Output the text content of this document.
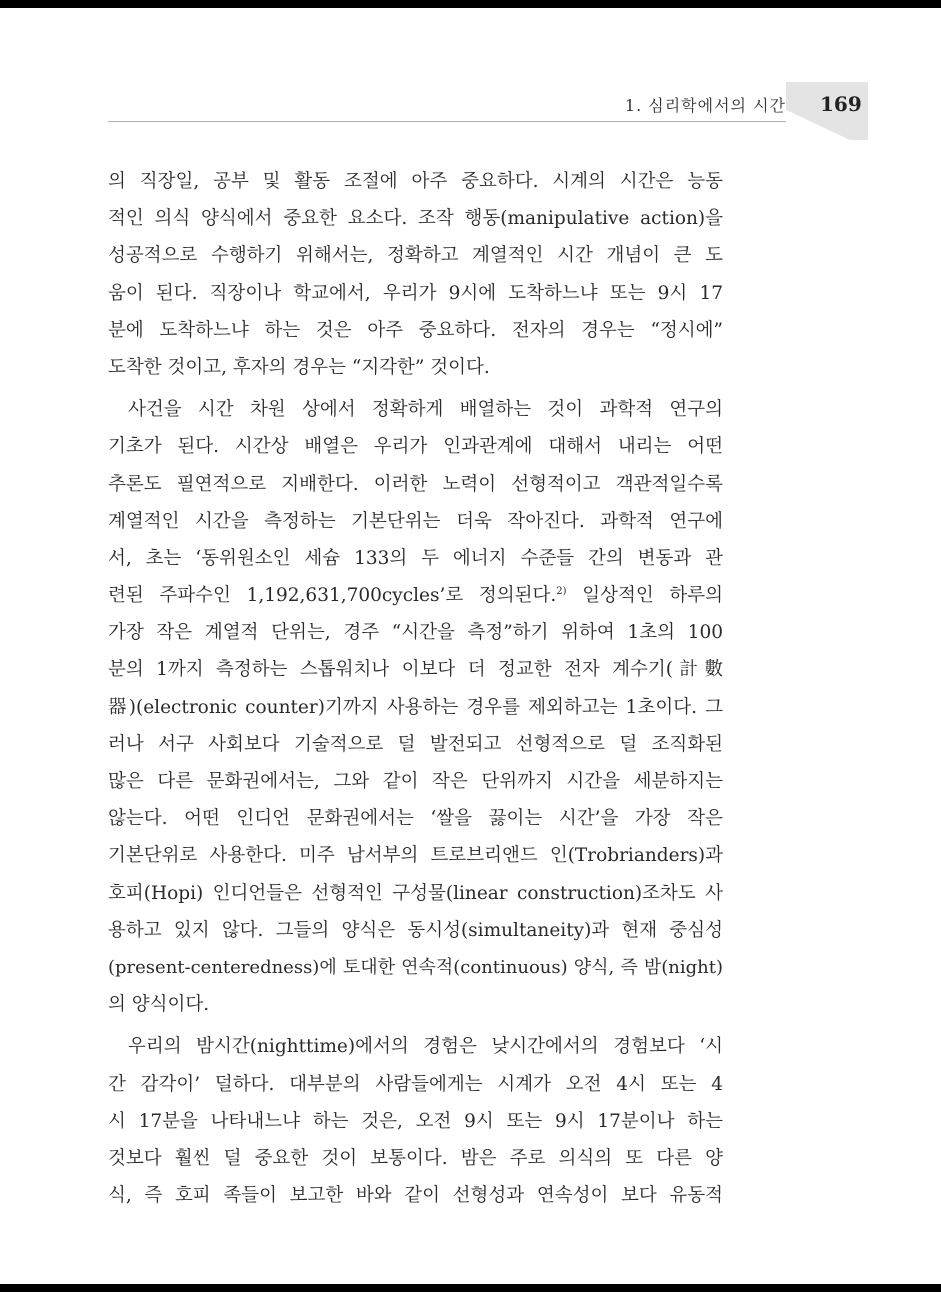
1. 심리학에서의 시간 169
의 직장일, 공부 및 활동 조절에 아주 중요하다. 시계의 시간은 능동
적인 의식 양식에서 중요한 요소다. 조작 행동(manipulative action)을
성공적으로 수행하기 위해서는, 정확하고 계열적인 시간 개념이 큰 도
움이 된다. 직장이나 학교에서, 우리가 9시에 도착하느냐 또는 9시 17
분에 도착하느냐 하는 것은 아주 중요하다. 전자의 경우는 “정시에”
도착한 것이고, 후자의 경우는 “지각한” 것이다.
사건을 시간 차원 상에서 정확하게 배열하는 것이 과학적 연구의
기초가 된다. 시간상 배열은 우리가 인과관계에 대해서 내리는 어떤
추론도 필연적으로 지배한다. 이러한 노력이 선형적이고 객관적일수록
계열적인 시간을 측정하는 기본단위는 더욱 작아진다. 과학적 연구에
서, 초는 ‘동위원소인 세슘 133의 두 에너지 수준들 간의 변동과 관
련된 주파수인 1,192,631,700cycles’로 정의된다.$^{2)}$ 일상적인 하루의
가장 작은 계열적 단위는, 경주 “시간을 측정”하기 위하여 1초의 100
분의 1까지 측정하는 스톱워치나 이보다 더 정교한 전자 계수기(計數
器)(electronic counter)기까지 사용하는 경우를 제외하고는 1초이다. 그
러나 서구 사회보다 기술적으로 덜 발전되고 선형적으로 덜 조직화된
많은 다른 문화권에서는, 그와 같이 작은 단위까지 시간을 세분하지는
않는다. 어떤 인디언 문화권에서는 ‘쌀을 끓이는 시간’을 가장 작은
기본단위로 사용한다. 미주 남서부의 트로브리앤드 인(Trobrianders)과
호피(Hopi) 인디언들은 선형적인 구성물(linear construction)조차도 사
용하고 있지 않다. 그들의 양식은 동시성(simultaneity)과 현재 중심성
(present-centeredness)에 토대한 연속적(continuous) 양식, 즉 밤(night)
의 양식이다.
우리의 밤시간(nighttime)에서의 경험은 낮시간에서의 경험보다 ‘시
간 감각이’ 덜하다. 대부분의 사람들에게는 시계가 오전 4시 또는 4
시 17분을 나타내느냐 하는 것은, 오전 9시 또는 9시 17분이나 하는
것보다 훨씬 덜 중요한 것이 보통이다. 밤은 주로 의식의 또 다른 양
식, 즉 호피 족들이 보고한 바와 같이 선형성과 연속성이 보다 유동적
